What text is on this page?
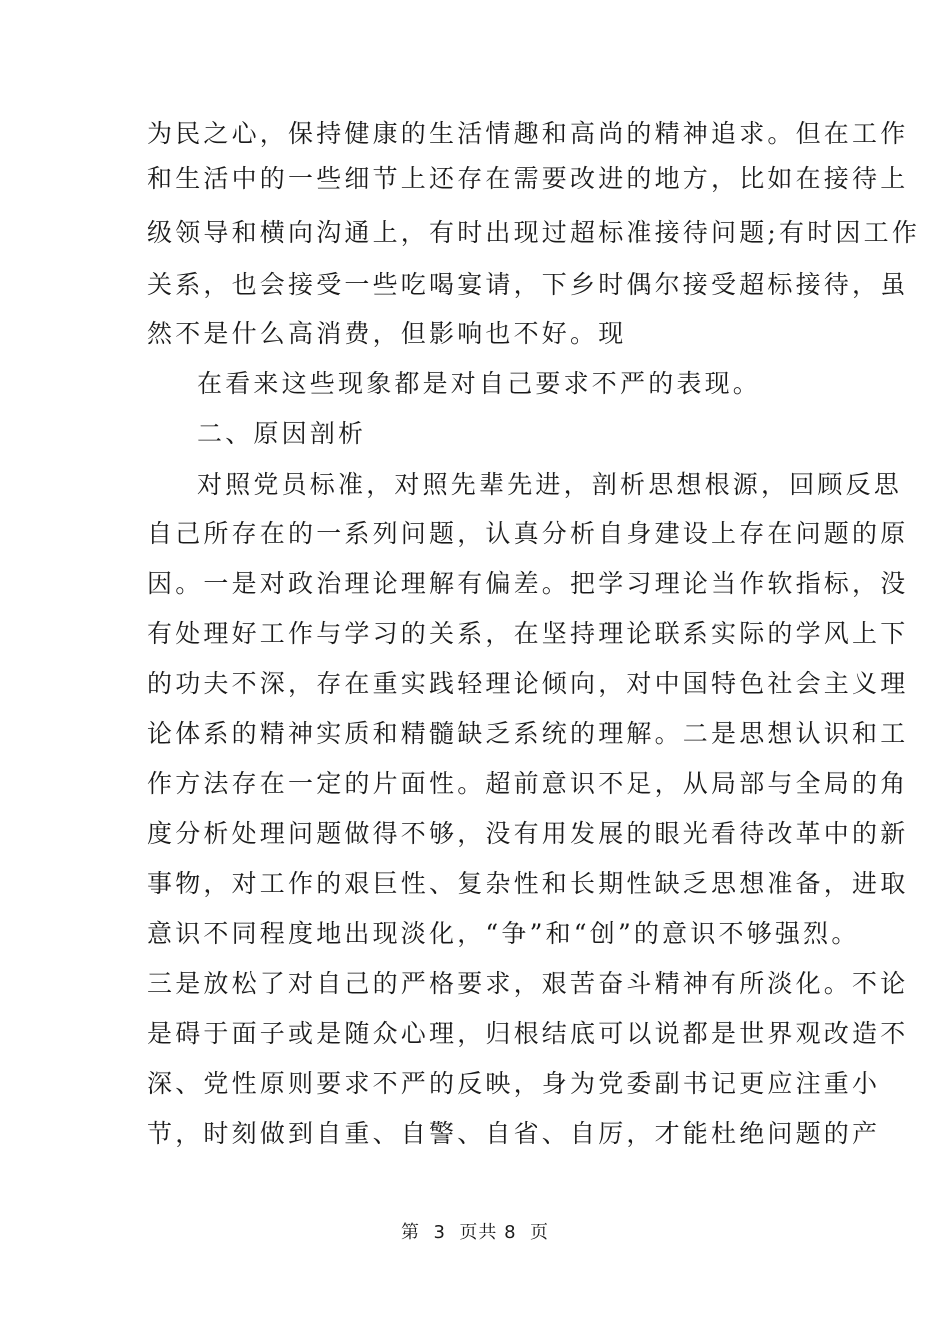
为民之心，保持健康的生活情趣和高尚的精神追求。但在工作
和生活中的一些细节上还存在需要改进的地方，比如在接待上
级领导和横向沟通上，有时出现过超标准接待问题;有时因工作
关系，也会接受一些吃喝宴请，下乡时偶尔接受超标接待，虽
然不是什么高消费，但影响也不好。现
在看来这些现象都是对自己要求不严的表现。
二、原因剖析
对照党员标准，对照先辈先进，剖析思想根源，回顾反思
自己所存在的一系列问题，认真分析自身建设上存在问题的原
因。一是对政治理论理解有偏差。把学习理论当作软指标，没
有处理好工作与学习的关系，在坚持理论联系实际的学风上下
的功夫不深，存在重实践轻理论倾向，对中国特色社会主义理
论体系的精神实质和精髓缺乏系统的理解。二是思想认识和工
作方法存在一定的片面性。超前意识不足，从局部与全局的角
度分析处理问题做得不够，没有用发展的眼光看待改革中的新
事物，对工作的艰巨性、复杂性和长期性缺乏思想准备，进取
意识不同程度地出现淡化，“争”和“创”的意识不够强烈。
三是放松了对自己的严格要求，艰苦奋斗精神有所淡化。不论
是碍于面子或是随众心理，归根结底可以说都是世界观改造不
深、党性原则要求不严的反映，身为党委副书记更应注重小
节，时刻做到自重、自警、自省、自厉，才能杜绝问题的产
第  3  页共 8  页
